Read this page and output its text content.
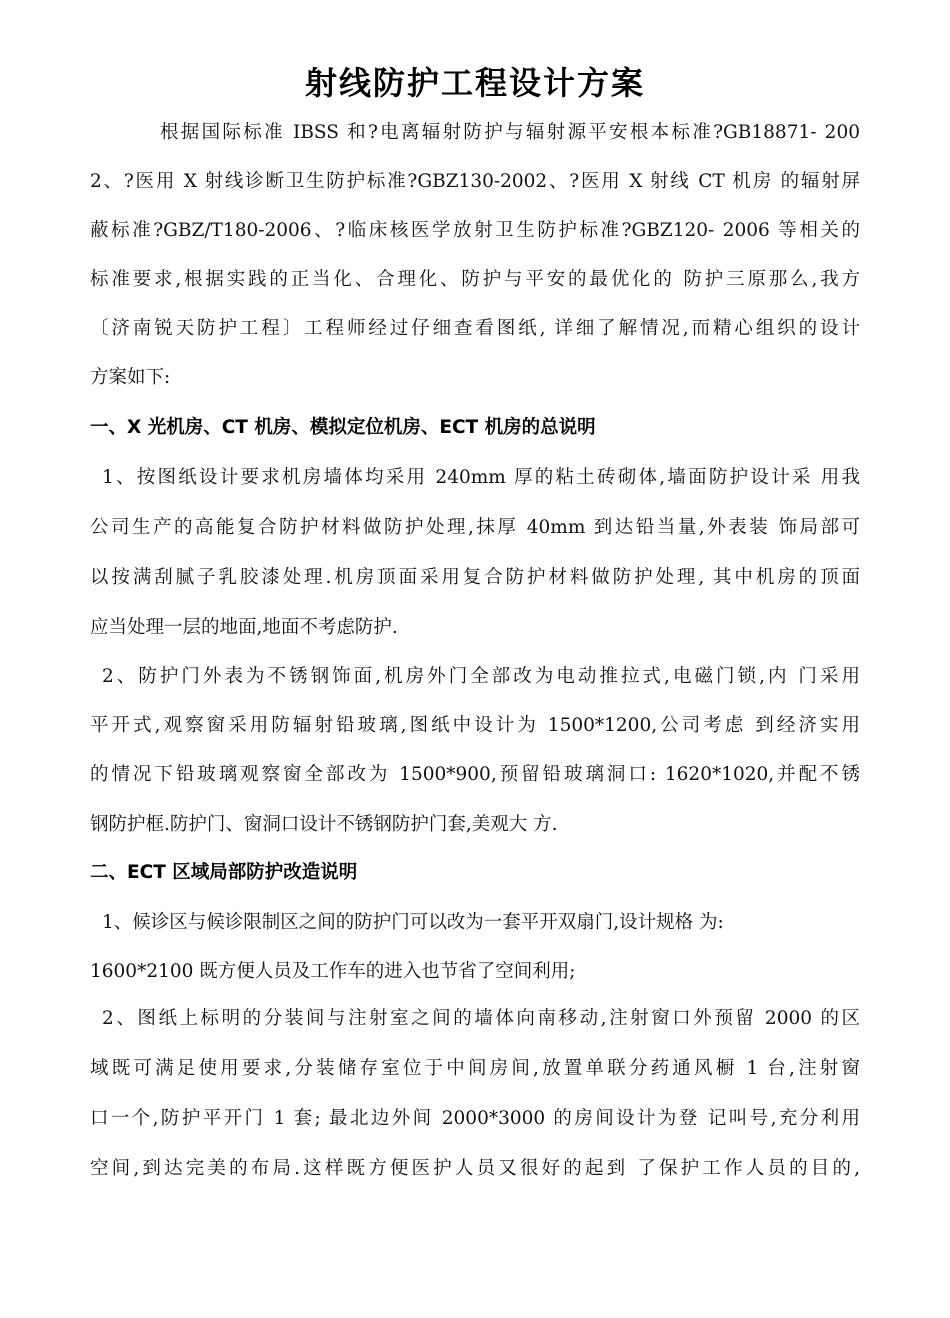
射线防护工程设计方案
根据国际标准 IBSS 和?电离辐射防护与辐射源平安根本标准?GB18871- 200
2、?医用 X 射线诊断卫生防护标准?GBZ130-2002、?医用 X 射线 CT 机房 的辐射屏
蔽标准?GBZ/T180-2006、?临床核医学放射卫生防护标准?GBZ120- 2006 等相关的
标准要求,根据实践的正当化、合理化、防护与平安的最优化的 防护三原那么,我方
〔济南锐天防护工程〕工程师经过仔细查看图纸, 详细了解情况,而精心组织的设计
方案如下:
一、X 光机房、CT 机房、模拟定位机房、ECT 机房的总说明
1、按图纸设计要求机房墙体均采用 240mm 厚的粘土砖砌体,墙面防护设计采 用我
公司生产的高能复合防护材料做防护处理,抹厚 40mm 到达铅当量,外表装 饰局部可
以按满刮腻子乳胶漆处理.机房顶面采用复合防护材料做防护处理, 其中机房的顶面
应当处理一层的地面,地面不考虑防护.
2、防护门外表为不锈钢饰面,机房外门全部改为电动推拉式,电磁门锁,内 门采用
平开式,观察窗采用防辐射铅玻璃,图纸中设计为 1500*1200,公司考虑 到经济实用
的情况下铅玻璃观察窗全部改为 1500*900,预留铅玻璃洞口: 1620*1020,并配不锈
钢防护框.防护门、窗洞口设计不锈钢防护门套,美观大 方.
二、ECT 区域局部防护改造说明
1、候诊区与候诊限制区之间的防护门可以改为一套平开双扇门,设计规格 为:
1600*2100 既方便人员及工作车的进入也节省了空间利用;
2、图纸上标明的分装间与注射室之间的墙体向南移动,注射窗口外预留 2000 的区
域既可满足使用要求,分装储存室位于中间房间,放置单联分药通风橱 1 台,注射窗
口一个,防护平开门 1 套; 最北边外间 2000*3000 的房间设计为登 记叫号,充分利用
空间,到达完美的布局.这样既方便医护人员又很好的起到 了保护工作人员的目的,
